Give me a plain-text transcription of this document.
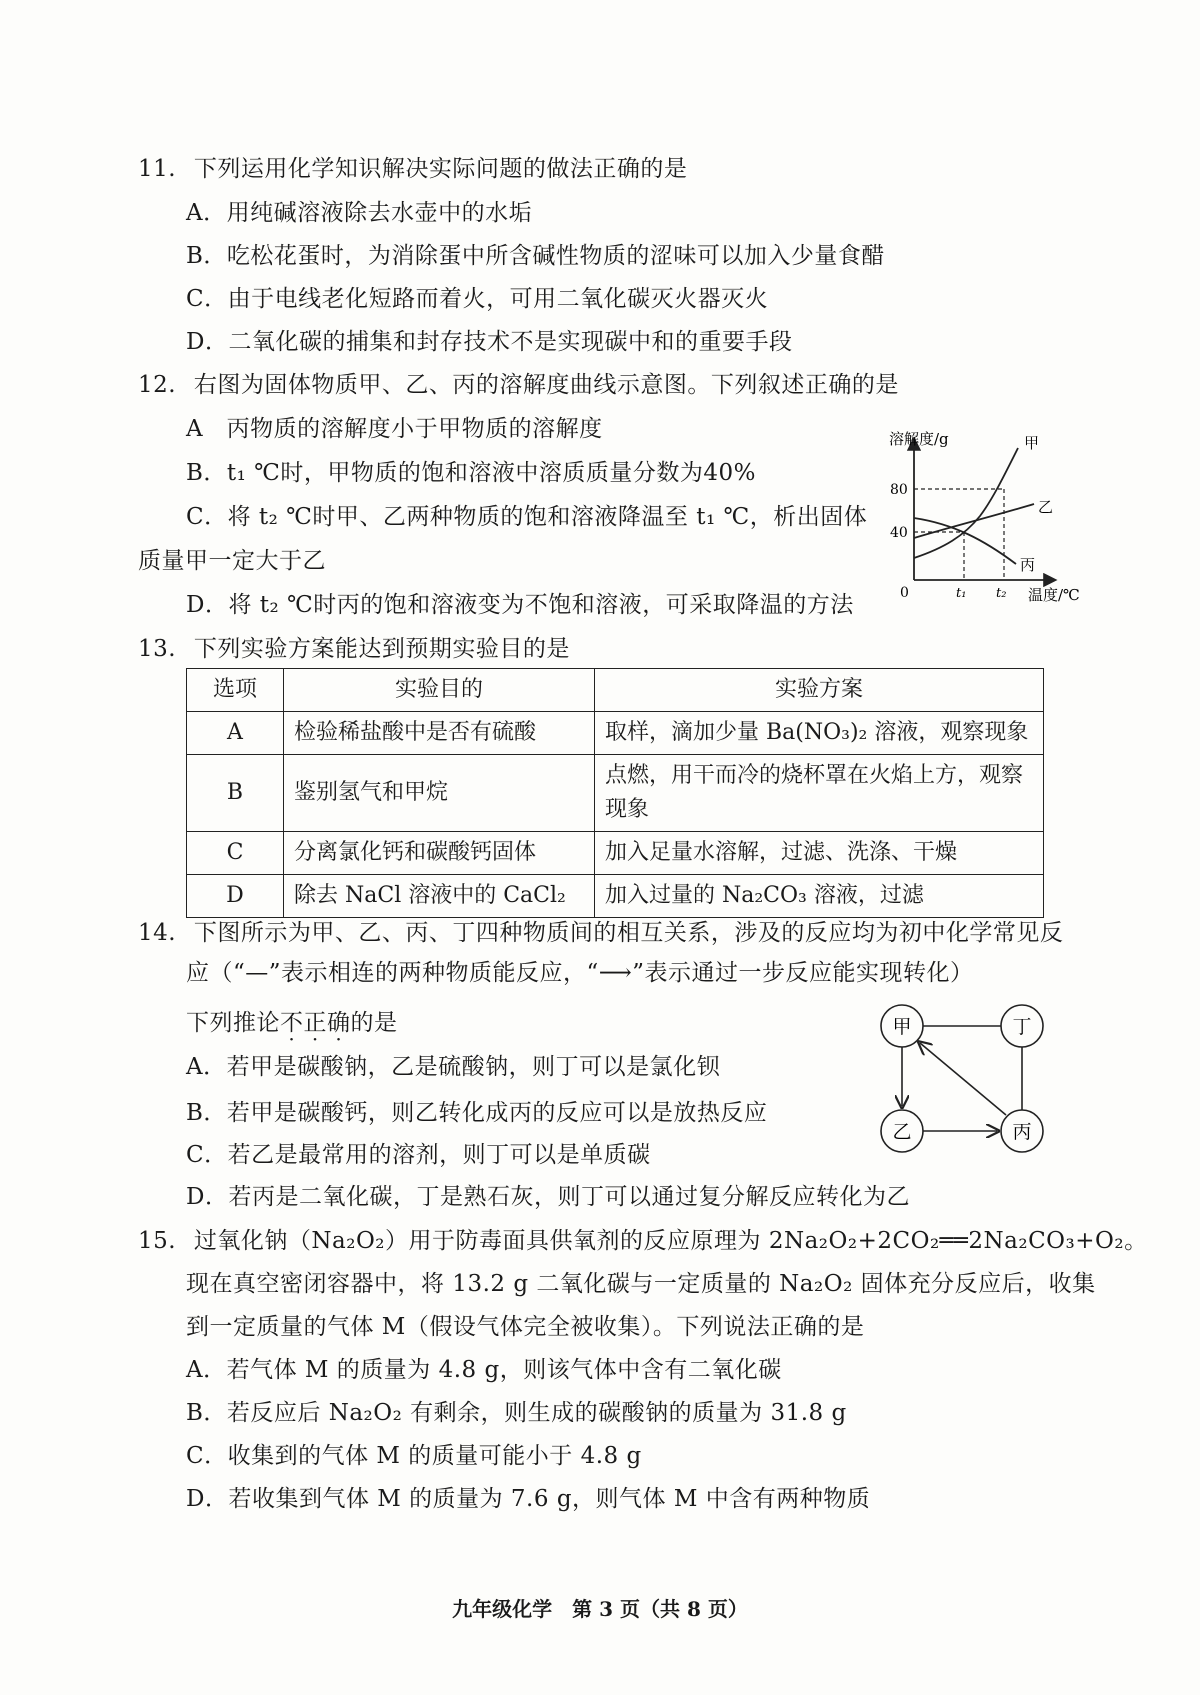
11. 下列运用化学知识解决实际问题的做法正确的是
A．用纯碱溶液除去水壶中的水垢
B．吃松花蛋时，为消除蛋中所含碱性物质的涩味可以加入少量食醋
C．由于电线老化短路而着火，可用二氧化碳灭火器灭火
D．二氧化碳的捕集和封存技术不是实现碳中和的重要手段
12. 右图为固体物质甲、乙、丙的溶解度曲线示意图。下列叙述正确的是
A　丙物质的溶解度小于甲物质的溶解度
B．t₁ ℃时，甲物质的饱和溶液中溶质质量分数为40%
C．将 t₂ ℃时甲、乙两种物质的饱和溶液降温至 t₁ ℃，析出固体
质量甲一定大于乙
D．将 t₂ ℃时丙的饱和溶液变为不饱和溶液，可采取降温的方法
溶解度/g
温度/℃
0
80
40
t₁ t₂
甲
乙
丙
13. 下列实验方案能达到预期实验目的是
选项	实验目的	实验方案
A	检验稀盐酸中是否有硫酸	取样，滴加少量 Ba(NO₃)₂ 溶液，观察现象
B	鉴别氢气和甲烷	点燃，用干而冷的烧杯罩在火焰上方，观察现象
C	分离氯化钙和碳酸钙固体	加入足量水溶解，过滤、洗涤、干燥
D	除去 NaCl 溶液中的 CaCl₂	加入过量的 Na₂CO₃ 溶液，过滤
14. 下图所示为甲、乙、丙、丁四种物质间的相互关系，涉及的反应均为初中化学常见反
应（“—”表示相连的两种物质能反应，“⟶”表示通过一步反应能实现转化）
下列推论不正确的是
A．若甲是碳酸钠，乙是硫酸钠，则丁可以是氯化钡
B．若甲是碳酸钙，则乙转化成丙的反应可以是放热反应
C．若乙是最常用的溶剂，则丁可以是单质碳
D．若丙是二氧化碳，丁是熟石灰，则丁可以通过复分解反应转化为乙
甲	丁
乙	丙
15. 过氧化钠（Na₂O₂）用于防毒面具供氧剂的反应原理为 2Na₂O₂+2CO₂══2Na₂CO₃+O₂。
现在真空密闭容器中，将 13.2 g 二氧化碳与一定质量的 Na₂O₂ 固体充分反应后，收集
到一定质量的气体 M（假设气体完全被收集）。下列说法正确的是
A．若气体 M 的质量为 4.8 g，则该气体中含有二氧化碳
B．若反应后 Na₂O₂ 有剩余，则生成的碳酸钠的质量为 31.8 g
C．收集到的气体 M 的质量可能小于 4.8 g
D．若收集到气体 M 的质量为 7.6 g，则气体 M 中含有两种物质
九年级化学　第 3 页（共 8 页）
